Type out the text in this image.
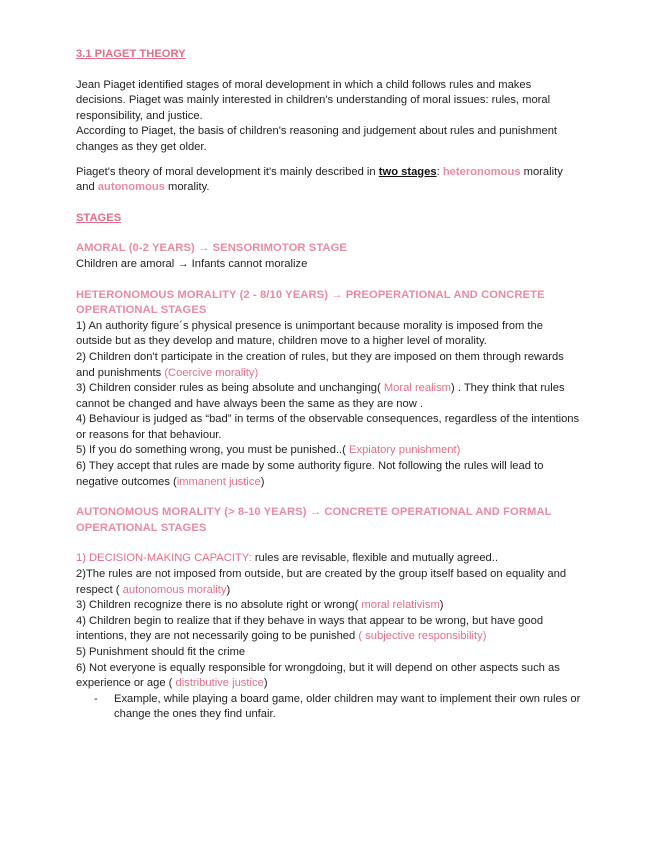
3.1 PIAGET THEORY

Jean Piaget identified stages of moral development in which a child follows rules and makes decisions. Piaget was mainly interested in children's understanding of moral issues: rules, moral responsibility, and justice.

According to Piaget, the basis of children's reasoning and judgement about rules and punishment changes as they get older.

Piaget's theory of moral development it's mainly described in two stages: heteronomous morality and autonomous morality.

STAGES

AMORAL (0-2 YEARS) → SENSORIMOTOR STAGE

Children are amoral → Infants cannot moralize

HETERONOMOUS MORALITY (2 - 8/10 YEARS) → PREOPERATIONAL AND CONCRETE OPERATIONAL STAGES

1) An authority figure´s physical presence is unimportant because morality is imposed from the outside but as they develop and mature, children move to a higher level of morality.

2) Children don't participate in the creation of rules, but they are imposed on them through rewards and punishments (Coercive morality)

3) Children consider rules as being absolute and unchanging( Moral realism) . They think that rules cannot be changed and have always been the same as they are now .

4) Behaviour is judged as “bad” in terms of the observable consequences, regardless of the intentions or reasons for that behaviour.

5) If you do something wrong, you must be punished..( Expiatory punishment)

6) They accept that rules are made by some authority figure. Not following the rules will lead to negative outcomes (immanent justice)

AUTONOMOUS MORALITY (> 8-10 YEARS) → CONCRETE OPERATIONAL AND FORMAL OPERATIONAL STAGES

1) DECISION-MAKING CAPACITY: rules are revisable, flexible and mutually agreed..

2)The rules are not imposed from outside, but are created by the group itself based on equality and respect ( autonomous morality)

3) Children recognize there is no absolute right or wrong( moral relativism)

4) Children begin to realize that if they behave in ways that appear to be wrong, but have good intentions, they are not necessarily going to be punished ( subjective responsibility)

5) Punishment should fit the crime

6) Not everyone is equally responsible for wrongdoing, but it will depend on other aspects such as experience or age ( distributive justice)

- Example, while playing a board game, older children may want to implement their own rules or change the ones they find unfair.
